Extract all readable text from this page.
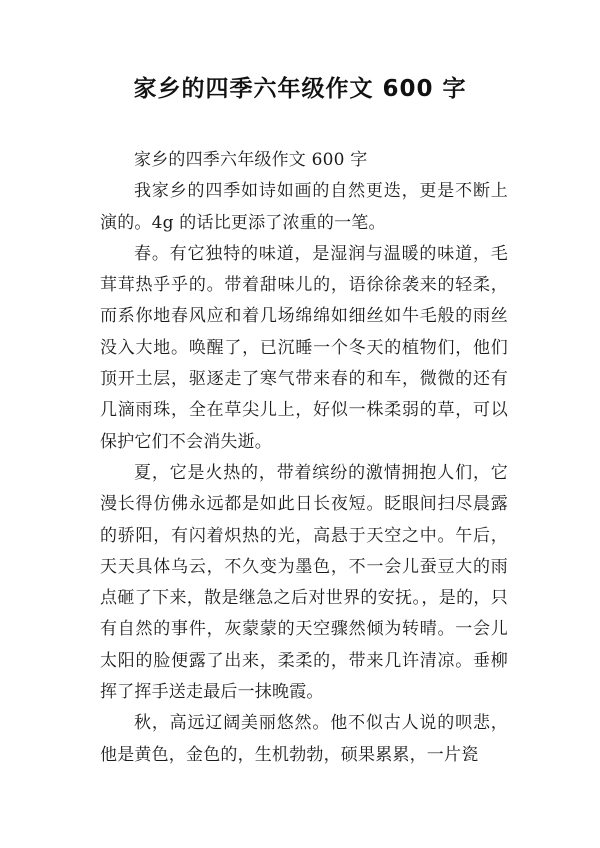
家乡的四季六年级作文 600 字

家乡的四季六年级作文 600 字

我家乡的四季如诗如画的自然更迭，更是不断上演的。4g 的话比更添了浓重的一笔。

春。有它独特的味道，是湿润与温暖的味道，毛茸茸热乎乎的。带着甜味儿的，语徐徐袭来的轻柔，而系你地春风应和着几场绵绵如细丝如牛毛般的雨丝没入大地。唤醒了，已沉睡一个冬天的植物们，他们顶开土层，驱逐走了寒气带来春的和车，微微的还有几滴雨珠，全在草尖儿上，好似一株柔弱的草，可以保护它们不会消失逝。

夏，它是火热的，带着缤纷的激情拥抱人们，它漫长得仿佛永远都是如此日长夜短。眨眼间扫尽晨露的骄阳，有闪着炽热的光，高悬于天空之中。午后，天天具体乌云，不久变为墨色，不一会儿蚕豆大的雨点砸了下来，散是继急之后对世界的安抚。，是的，只有自然的事件，灰蒙蒙的天空骤然倾为转晴。一会儿太阳的脸便露了出来，柔柔的，带来几许清凉。垂柳挥了挥手送走最后一抹晚霞。

秋，高远辽阔美丽悠然。他不似古人说的呗悲，他是黄色，金色的，生机勃勃，硕果累累，一片瓷
